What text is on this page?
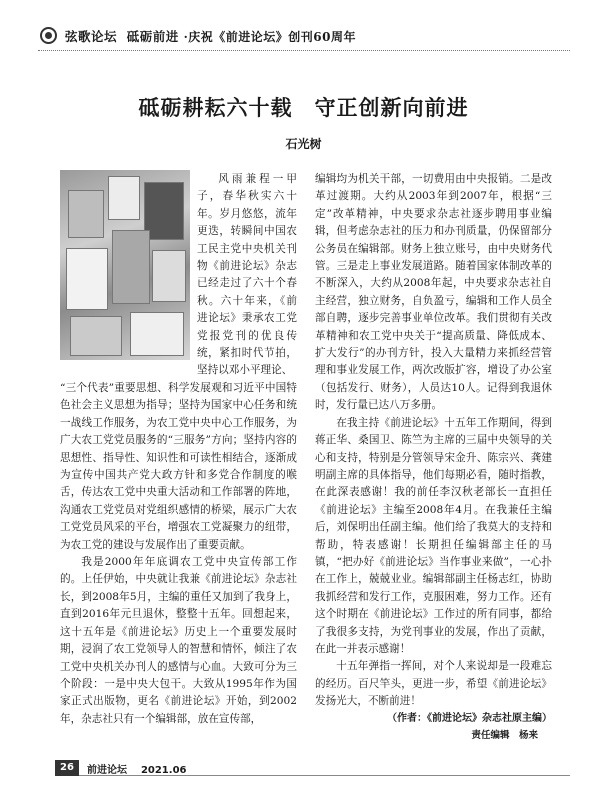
弦歌论坛 砥砺前进 ·庆祝《前进论坛》创刊60周年
砥砺耕耘六十载　守正创新向前进
石光树

风雨兼程一甲子，春华秋实六十年。岁月悠悠，流年更迭，转瞬间中国农工民主党中央机关刊物《前进论坛》杂志已经走过了六十个春秋。六十年来，《前进论坛》秉承农工党党报党刊的优良传统，紧扣时代节拍，坚持以邓小平理论、

“三个代表”重要思想、科学发展观和习近平中国特色社会主义思想为指导；坚持为国家中心任务和统一战线工作服务，为农工党中央中心工作服务，为广大农工党党员服务的“三服务”方向；坚持内容的思想性、指导性、知识性和可读性相结合，逐渐成为宣传中国共产党大政方针和多党合作制度的喉舌，传达农工党中央重大活动和工作部署的阵地，沟通农工党党员对党组织感情的桥梁，展示广大农工党党员风采的平台，增强农工党凝聚力的纽带，为农工党的建设与发展作出了重要贡献。

我是2000年年底调农工党中央宣传部工作的。上任伊始，中央就让我兼《前进论坛》杂志社长，到2008年5月，主编的重任又加到了我身上，直到2016年元旦退休，整整十五年。回想起来，这十五年是《前进论坛》历史上一个重要发展时期，浸润了农工党领导人的智慧和情怀，倾注了农工党中央机关办刊人的感情与心血。大致可分为三个阶段：一是中央大包干。大致从1995年作为国家正式出版物，更名《前进论坛》开始，到2002年，杂志社只有一个编辑部，放在宣传部，

编辑均为机关干部，一切费用由中央报销。二是改革过渡期。大约从2003年到2007年，根据“三定”改革精神，中央要求杂志社逐步聘用事业编辑，但考虑杂志社的压力和办刊质量，仍保留部分公务员在编辑部。财务上独立账号，由中央财务代管。三是走上事业发展道路。随着国家体制改革的不断深入，大约从2008年起，中央要求杂志社自主经营，独立财务，自负盈亏，编辑和工作人员全部自聘，逐步完善事业单位改革。我们贯彻有关改革精神和农工党中央关于“提高质量、降低成本、扩大发行”的办刊方针，投入大量精力来抓经营管理和事业发展工作，两次改版扩容，增设了办公室（包括发行、财务），人员达10人。记得到我退休时，发行量已达八万多册。

在我主持《前进论坛》十五年工作期间，得到蒋正华、桑国卫、陈竺为主席的三届中央领导的关心和支持，特别是分管领导宋金升、陈宗兴、龚建明副主席的具体指导，他们每期必看，随时指教，在此深表感谢！我的前任李汉秋老部长一直担任《前进论坛》主编至2008年4月。在我兼任主编后，刘保明出任副主编。他们给了我莫大的支持和帮助，特表感谢！长期担任编辑部主任的马镇，“把办好《前进论坛》当作事业来做”，一心扑在工作上，兢兢业业。编辑部副主任杨志红，协助我抓经营和发行工作，克服困难，努力工作。还有这个时期在《前进论坛》工作过的所有同事，都给了我很多支持，为党刊事业的发展，作出了贡献，在此一并表示感谢！

十五年弹指一挥间，对个人来说却是一段难忘的经历。百尺竿头，更进一步，希望《前进论坛》发扬光大，不断前进！

（作者：《前进论坛》杂志社原主编）
责任编辑　杨来
26	前进论坛 2021.06
